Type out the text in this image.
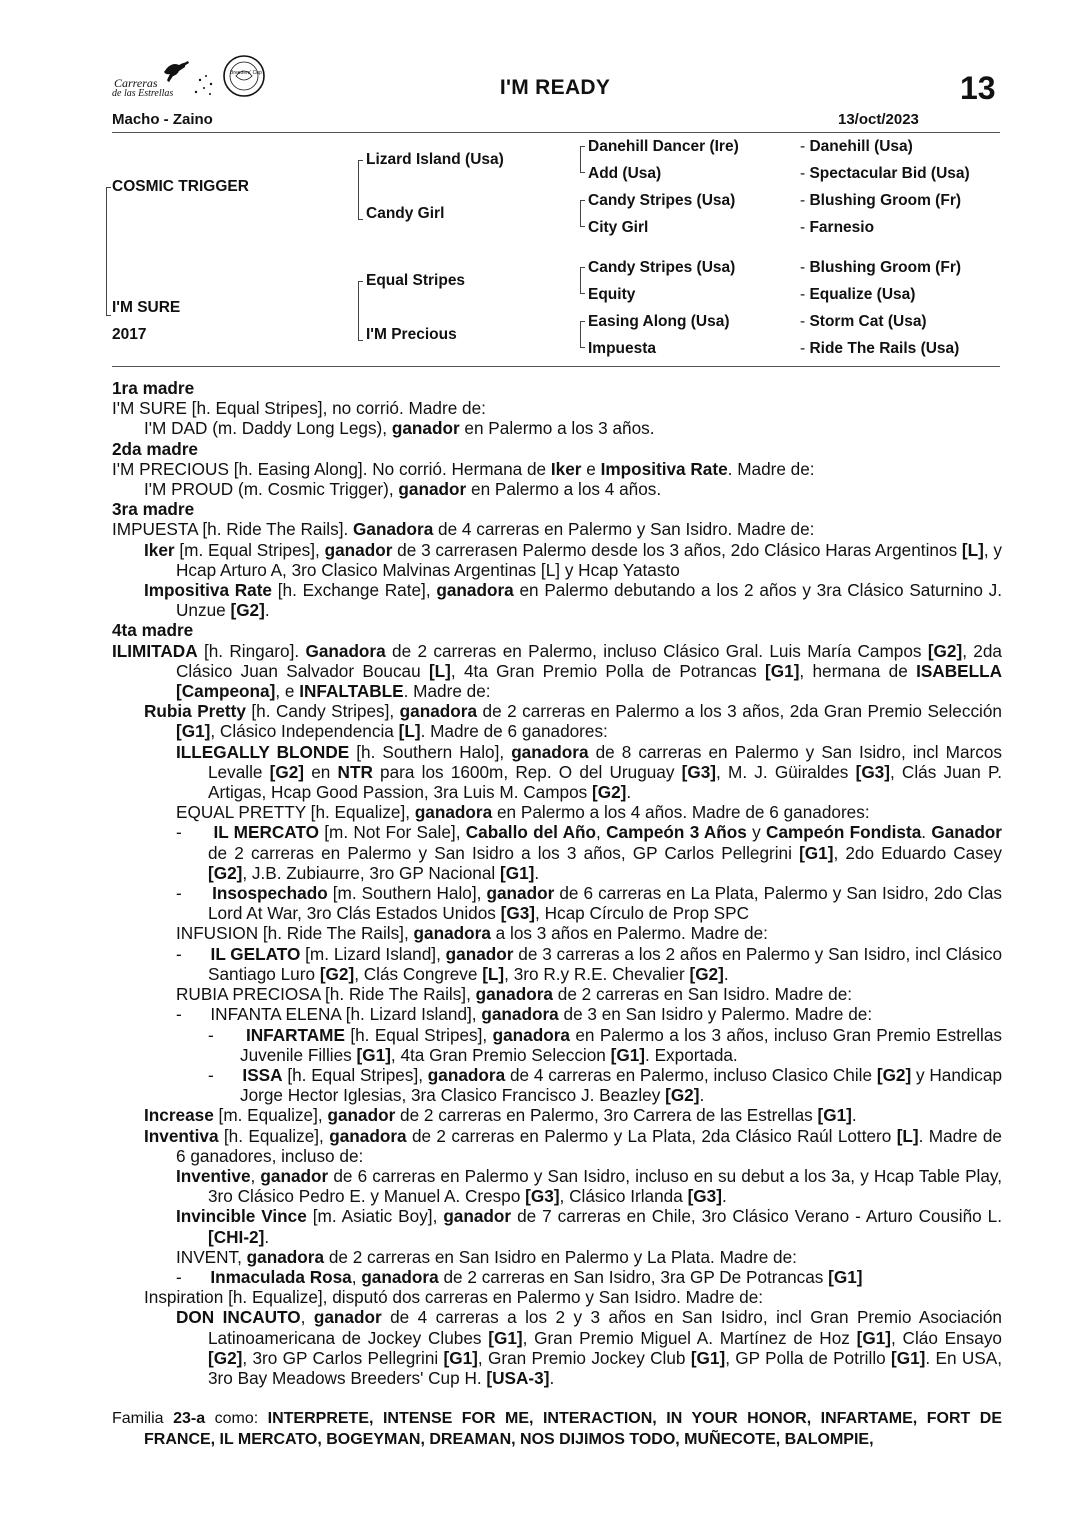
Carreras
de las Estrellas
Breeders' Cup
I'M READY	13
Macho - Zaino	13/oct/2023
COSMIC TRIGGER
I'M SURE
2017
Lizard Island (Usa)
Candy Girl
Equal Stripes
I'M Precious
Danehill Dancer (Ire)
Add (Usa)
Candy Stripes (Usa)
City Girl
Candy Stripes (Usa)
Equity
Easing Along (Usa)
Impuesta
- Danehill (Usa)
- Spectacular Bid (Usa)
- Blushing Groom (Fr)
- Farnesio
- Blushing Groom (Fr)
- Equalize (Usa)
- Storm Cat (Usa)
- Ride The Rails (Usa)

1ra madre

I'M SURE [h. Equal Stripes], no corrió. Madre de:

I'M DAD (m. Daddy Long Legs), ganador en Palermo a los 3 años.

2da madre

I'M PRECIOUS [h. Easing Along]. No corrió. Hermana de Iker e Impositiva Rate. Madre de:

I'M PROUD (m. Cosmic Trigger), ganador en Palermo a los 4 años.

3ra madre

IMPUESTA [h. Ride The Rails]. Ganadora de 4 carreras en Palermo y San Isidro. Madre de:

Iker [m. Equal Stripes], ganador de 3 carrerasen Palermo desde los 3 años, 2do Clásico Haras Argentinos [L], y Hcap Arturo A, 3ro Clasico Malvinas Argentinas [L] y Hcap Yatasto

Impositiva Rate [h. Exchange Rate], ganadora en Palermo debutando a los 2 años y 3ra Clásico Saturnino J. Unzue [G2].

4ta madre

ILIMITADA [h. Ringaro]. Ganadora de 2 carreras en Palermo, incluso Clásico Gral. Luis María Campos [G2], 2da Clásico Juan Salvador Boucau [L], 4ta Gran Premio Polla de Potrancas [G1], hermana de ISABELLA [Campeona], e INFALTABLE. Madre de:

Rubia Pretty [h. Candy Stripes], ganadora de 2 carreras en Palermo a los 3 años, 2da Gran Premio Selección [G1], Clásico Independencia [L]. Madre de 6 ganadores:

ILLEGALLY BLONDE [h. Southern Halo], ganadora de 8 carreras en Palermo y San Isidro, incl Marcos Levalle [G2] en NTR para los 1600m, Rep. O del Uruguay [G3], M. J. Güiraldes [G3], Clás Juan P. Artigas, Hcap Good Passion, 3ra Luis M. Campos [G2].

EQUAL PRETTY [h. Equalize], ganadora en Palermo a los 4 años. Madre de 6 ganadores:

-      IL MERCATO [m. Not For Sale], Caballo del Año, Campeón 3 Años y Campeón Fondista. Ganador de 2 carreras en Palermo y San Isidro a los 3 años, GP Carlos Pellegrini [G1], 2do Eduardo Casey [G2], J.B. Zubiaurre, 3ro GP Nacional [G1].

-      Insospechado [m. Southern Halo], ganador de 6 carreras en La Plata, Palermo y San Isidro, 2do Clas Lord At War, 3ro Clás Estados Unidos [G3], Hcap Círculo de Prop SPC

INFUSION [h. Ride The Rails], ganadora a los 3 años en Palermo. Madre de:

-      IL GELATO [m. Lizard Island], ganador de 3 carreras a los 2 años en Palermo y San Isidro, incl Clásico Santiago Luro [G2], Clás Congreve [L], 3ro R.y R.E. Chevalier [G2].

RUBIA PRECIOSA [h. Ride The Rails], ganadora de 2 carreras en San Isidro. Madre de:

-      INFANTA ELENA [h. Lizard Island], ganadora de 3 en San Isidro y Palermo. Madre de:

-      INFARTAME [h. Equal Stripes], ganadora en Palermo a los 3 años, incluso Gran Premio Estrellas Juvenile Fillies [G1], 4ta Gran Premio Seleccion [G1]. Exportada.

-      ISSA [h. Equal Stripes], ganadora de 4 carreras en Palermo, incluso Clasico Chile [G2] y Handicap Jorge Hector Iglesias, 3ra Clasico Francisco J. Beazley [G2].

Increase [m. Equalize], ganador de 2 carreras en Palermo, 3ro Carrera de las Estrellas [G1].

Inventiva [h. Equalize], ganadora de 2 carreras en Palermo y La Plata, 2da Clásico Raúl Lottero [L]. Madre de 6 ganadores, incluso de:

Inventive, ganador de 6 carreras en Palermo y San Isidro, incluso en su debut a los 3a, y Hcap Table Play, 3ro Clásico Pedro E. y Manuel A. Crespo [G3], Clásico Irlanda [G3].

Invincible Vince [m. Asiatic Boy], ganador de 7 carreras en Chile, 3ro Clásico Verano - Arturo Cousiño L. [CHI-2].

INVENT, ganadora de 2 carreras en San Isidro en Palermo y La Plata. Madre de:

-      Inmaculada Rosa, ganadora de 2 carreras en San Isidro, 3ra GP De Potrancas [G1]

Inspiration [h. Equalize], disputó dos carreras en Palermo y San Isidro. Madre de:

DON INCAUTO, ganador de 4 carreras a los 2 y 3 años en San Isidro, incl Gran Premio Asociación Latinoamericana de Jockey Clubes [G1], Gran Premio Miguel A. Martínez de Hoz [G1], Cláo Ensayo [G2], 3ro GP Carlos Pellegrini [G1], Gran Premio Jockey Club [G1], GP Polla de Potrillo [G1]. En USA, 3ro Bay Meadows Breeders' Cup H. [USA-3].

Familia 23-a como: INTERPRETE, INTENSE FOR ME, INTERACTION, IN YOUR HONOR, INFARTAME, FORT DE FRANCE, IL MERCATO, BOGEYMAN, DREAMAN, NOS DIJIMOS TODO, MUÑECOTE, BALOMPIE,
